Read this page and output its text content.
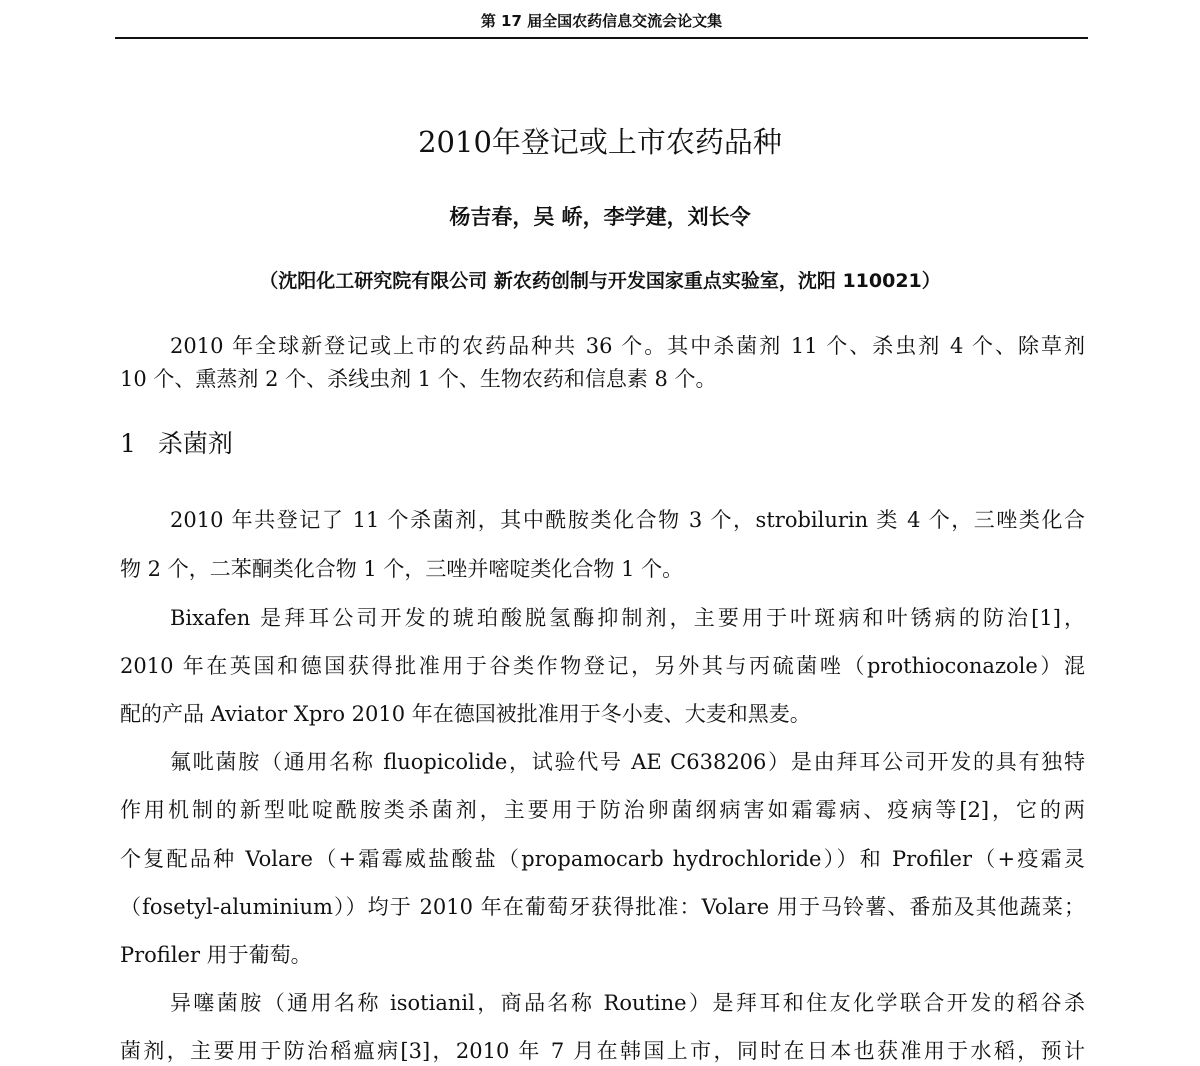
第 17 届全国农药信息交流会论文集
2010年登记或上市农药品种
杨吉春，吴 峤，李学建，刘长令
（沈阳化工研究院有限公司 新农药创制与开发国家重点实验室，沈阳 110021）
2010 年全球新登记或上市的农药品种共 36 个。其中杀菌剂 11 个、杀虫剂 4 个、除草剂
10 个、熏蒸剂 2 个、杀线虫剂 1 个、生物农药和信息素 8 个。
1 杀菌剂
2010 年共登记了 11 个杀菌剂，其中酰胺类化合物 3 个，strobilurin 类 4 个，三唑类化合
物 2 个，二苯酮类化合物 1 个，三唑并嘧啶类化合物 1 个。
Bixafen 是拜耳公司开发的琥珀酸脱氢酶抑制剂，主要用于叶斑病和叶锈病的防治[1]，
2010 年在英国和德国获得批准用于谷类作物登记，另外其与丙硫菌唑（prothioconazole）混
配的产品 Aviator Xpro 2010 年在德国被批准用于冬小麦、大麦和黑麦。
氟吡菌胺（通用名称 fluopicolide，试验代号 AE C638206）是由拜耳公司开发的具有独特
作用机制的新型吡啶酰胺类杀菌剂，主要用于防治卵菌纲病害如霜霉病、疫病等[2]，它的两
个复配品种 Volare（+霜霉威盐酸盐（propamocarb hydrochloride））和 Profiler（+疫霜灵
（fosetyl-aluminium））均于 2010 年在葡萄牙获得批准：Volare 用于马铃薯、番茄及其他蔬菜；
Profiler 用于葡萄。
异噻菌胺（通用名称 isotianil，商品名称 Routine）是拜耳和住友化学联合开发的稻谷杀
菌剂，主要用于防治稻瘟病[3]，2010 年 7 月在韩国上市，同时在日本也获准用于水稻，预计
